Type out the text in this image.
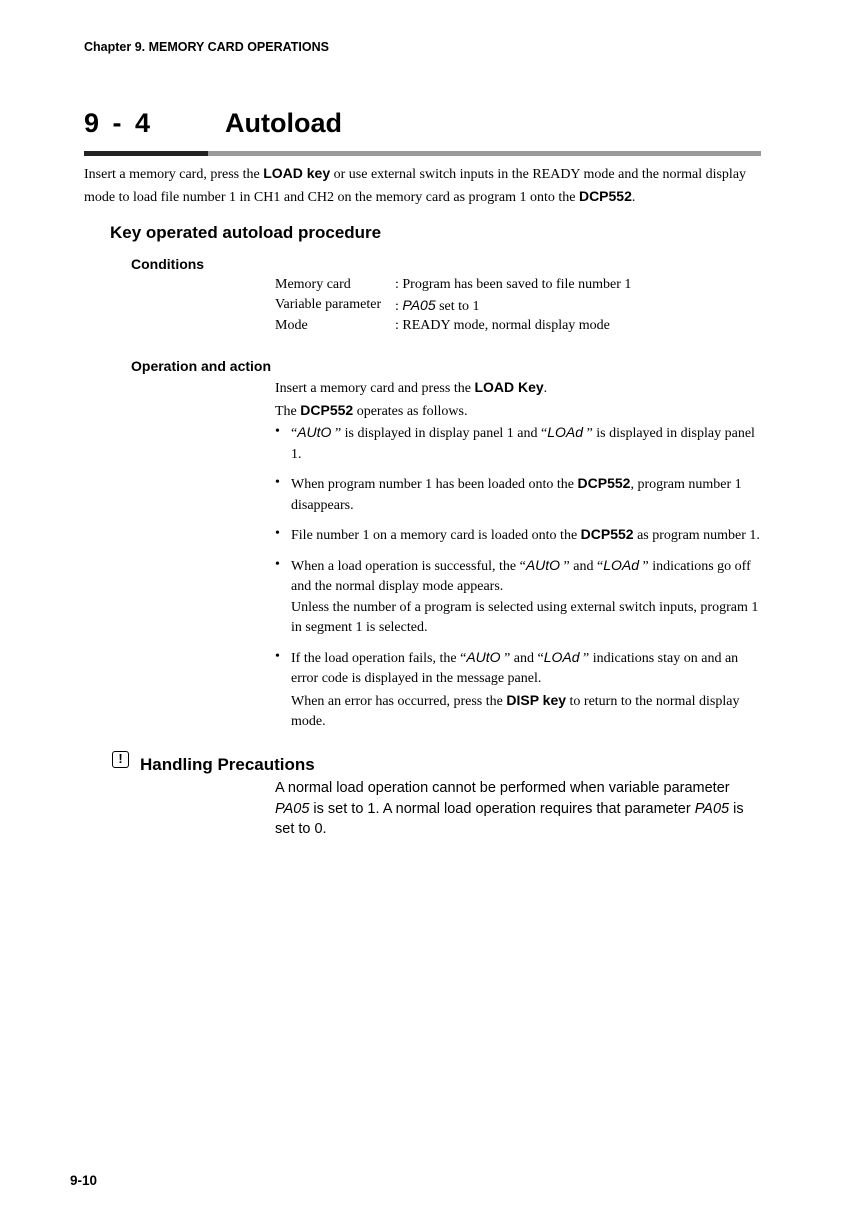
Chapter 9. MEMORY CARD OPERATIONS
9 - 4	Autoload
Insert a memory card, press the LOAD key or use external switch inputs in the READY mode and the normal display mode to load file number 1 in CH1 and CH2 on the memory card as program 1 onto the DCP552.
Key operated autoload procedure
Conditions
Memory card	: Program has been saved to file number 1
Variable parameter : PA05 set to 1
Mode	: READY mode, normal display mode
Operation and action

Insert a memory card and press the LOAD Key.

The DCP552 operates as follows.

• “AUtO ” is displayed in display panel 1 and “LOAd ” is displayed in display panel 1.

• When program number 1 has been loaded onto the DCP552, program number 1 disappears.

• File number 1 on a memory card is loaded onto the DCP552 as program number 1.

• When a load operation is successful, the “AUtO ” and “LOAd ” indications go off and the normal display mode appears.
Unless the number of a program is selected using external switch inputs, program 1 in segment 1 is selected.

• If the load operation fails, the “AUtO ” and “LOAd ” indications stay on and an error code is displayed in the message panel.
When an error has occurred, press the DISP key to return to the normal display mode.

!	Handling Precautions
A normal load operation cannot be performed when variable parameter PA05 is set to 1. A normal load operation requires that parameter PA05 is set to 0.
9-10
